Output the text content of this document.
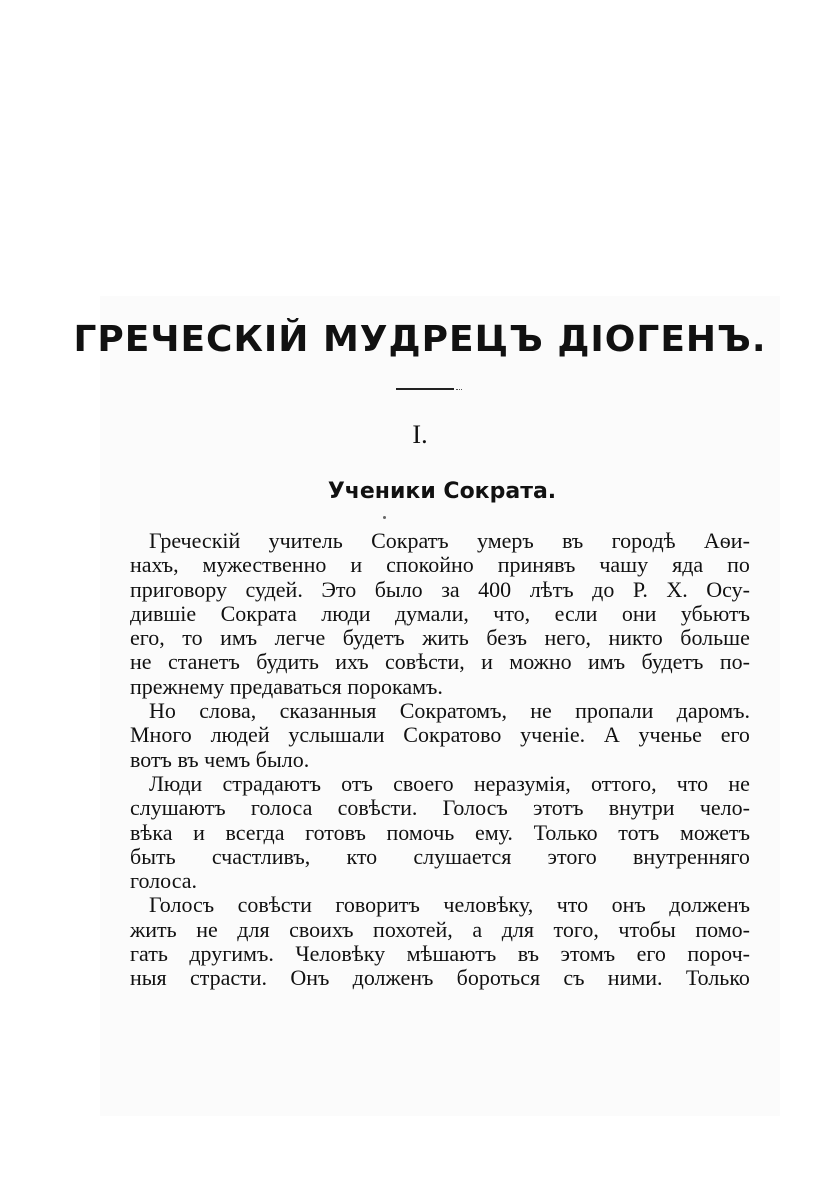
ГРЕЧЕСКІЙ МУДРЕЦЪ ДІОГЕНЪ.
I.
Ученики Сократа.
Греческій учитель Сократъ умеръ въ городѣ Аѳи-
нахъ, мужественно и спокойно принявъ чашу яда по
приговору судей. Это было за 400 лѣтъ до Р. Х. Осу-
дившіе Сократа люди думали, что, если они убьютъ
его, то имъ легче будетъ жить безъ него, никто больше
не станетъ будить ихъ совѣсти, и можно имъ будетъ по-
прежнему предаваться порокамъ.
Но слова, сказанныя Сократомъ, не пропали даромъ.
Много людей услышали Сократово ученіе. А ученье его
вотъ въ чемъ было.
Люди страдаютъ отъ своего неразумія, оттого, что не
слушаютъ голоса совѣсти. Голосъ этотъ внутри чело-
вѣка и всегда готовъ помочь ему. Только тотъ можетъ
быть счастливъ, кто слушается этого внутренняго
голоса.
Голосъ совѣсти говоритъ человѣку, что онъ долженъ
жить не для своихъ похотей, а для того, чтобы помо-
гать другимъ. Человѣку мѣшаютъ въ этомъ его пороч-
ныя страсти. Онъ долженъ бороться съ ними. Только
